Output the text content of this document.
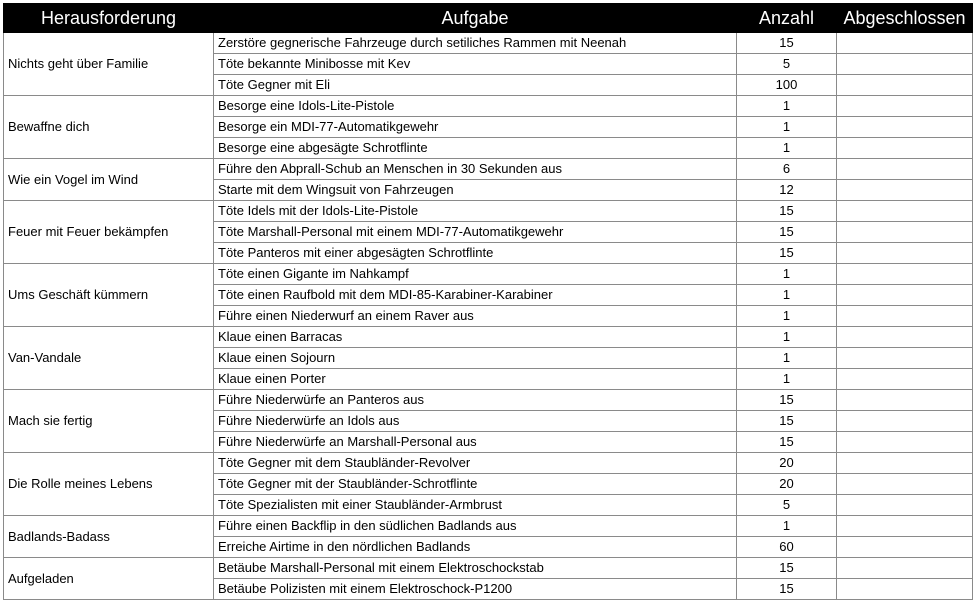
Herausforderung	Aufgabe	Anzahl	Abgeschlossen
Nichts geht über Familie	Zerstöre gegnerische Fahrzeuge durch setiliches Rammen mit Neenah	15	
	Töte bekannte Minibosse mit Kev	5	
	Töte Gegner mit Eli	100	
Bewaffne dich	Besorge eine Idols-Lite-Pistole	1	
	Besorge ein MDI-77-Automatikgewehr	1	
	Besorge eine abgesägte Schrotflinte	1	
Wie ein Vogel im Wind	Führe den Abprall-Schub an Menschen in 30 Sekunden aus	6	
	Starte mit dem Wingsuit von Fahrzeugen	12	
Feuer mit Feuer bekämpfen	Töte Idels mit der Idols-Lite-Pistole	15	
	Töte Marshall-Personal mit einem MDI-77-Automatikgewehr	15	
	Töte Panteros mit einer abgesägten Schrotflinte	15	
Ums Geschäft kümmern	Töte einen Gigante im Nahkampf	1	
	Töte einen Raufbold mit dem MDI-85-Karabiner-Karabiner	1	
	Führe einen Niederwurf an einem Raver aus	1	
Van-Vandale	Klaue einen Barracas	1	
	Klaue einen Sojourn	1	
	Klaue einen Porter	1	
Mach sie fertig	Führe Niederwürfe an Panteros aus	15	
	Führe Niederwürfe an Idols aus	15	
	Führe Niederwürfe an Marshall-Personal aus	15	
Die Rolle meines Lebens	Töte Gegner mit dem Staubländer-Revolver	20	
	Töte Gegner mit der Staubländer-Schrotflinte	20	
	Töte Spezialisten mit einer Staubländer-Armbrust	5	
Badlands-Badass	Führe einen Backflip in den südlichen Badlands aus	1	
	Erreiche Airtime in den nördlichen Badlands	60	
Aufgeladen	Betäube Marshall-Personal mit einem Elektroschockstab	15	
	Betäube Polizisten mit einem Elektroschock-P1200	15	
